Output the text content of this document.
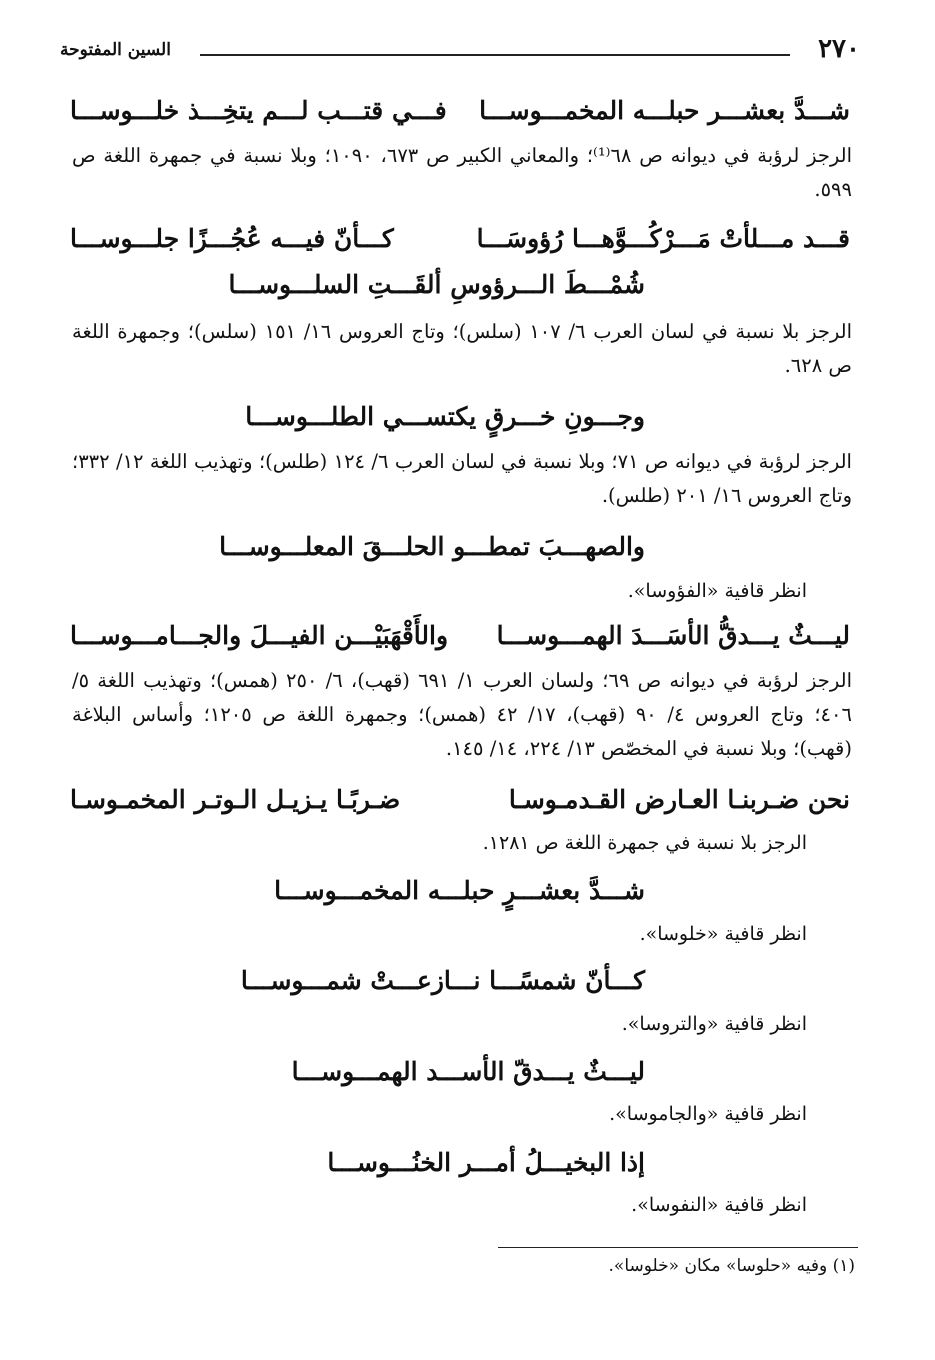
٢٧٠
السين المفتوحة
شـــدَّ بعشـــر حبلـــه المخمـــوســـا
فـــي قتـــب لـــم يتخِـــذ خلـــوســـا

الرجز لرؤبة في ديوانه ص ٦٨⁽¹⁾؛ والمعاني الكبير ص ٦٧٣، ١٠٩٠؛ وبلا نسبة في جمهرة اللغة ص ٥٩٩.

قـــد مـــلأتْ مَـــرْكُـــوَّهـــا رُؤوسَـــا
كـــأنّ فيـــه عُجُـــزًا جلـــوســـا
شُمْـــطَ الـــرؤوسِ ألقَـــتِ السلـــوســـا

الرجز بلا نسبة في لسان العرب ٦/ ١٠٧ (سلس)؛ وتاج العروس ١٦/ ١٥١ (سلس)؛ وجمهرة اللغة ص ٦٢٨.

وجـــونِ خـــرقٍ يكتســـي الطلـــوســـا

الرجز لرؤبة في ديوانه ص ٧١؛ وبلا نسبة في لسان العرب ٦/ ١٢٤ (طلس)؛ وتهذيب اللغة ١٢/ ٣٣٢؛ وتاج العروس ١٦/ ٢٠١ (طلس).

والصهـــبَ تمطـــو الحلـــقَ المعلـــوســـا
انظر قافية «الفؤوسا».
ليـــثٌ يـــدقُّ الأسَـــدَ الهمـــوســـا
والأَقْهَبَيْـــن الفيـــلَ والجـــامـــوســـا

الرجز لرؤبة في ديوانه ص ٦٩؛ ولسان العرب ١/ ٦٩١ (قهب)، ٦/ ٢٥٠ (همس)؛ وتهذيب اللغة ٥/ ٤٠٦؛ وتاج العروس ٤/ ٩٠ (قهب)، ١٧/ ٤٢ (همس)؛ وجمهرة اللغة ص ١٢٠٥؛ وأساس البلاغة (قهب)؛ وبلا نسبة في المخصّص ١٣/ ٢٢٤، ١٤/ ١٤٥.

نحن ضـربنـا العـارض القـدمـوسـا
ضـربًـا يـزيـل الـوتـر المخمـوسـا
الرجز بلا نسبة في جمهرة اللغة ص ١٢٨١.
شـــدَّ بعشـــرٍ حبلـــه المخمـــوســـا
انظر قافية «خلوسا».
كـــأنّ شمسًـــا نـــازعـــتْ شمـــوســـا
انظر قافية «والتروسا».
ليـــثٌ يـــدقّ الأســـد الهمـــوســـا
انظر قافية «والجاموسا».
إذا البخيـــلُ أمـــر الخنُـــوســـا
انظر قافية «النفوسا».
(١) وفيه «حلوسا» مكان «خلوسا».
